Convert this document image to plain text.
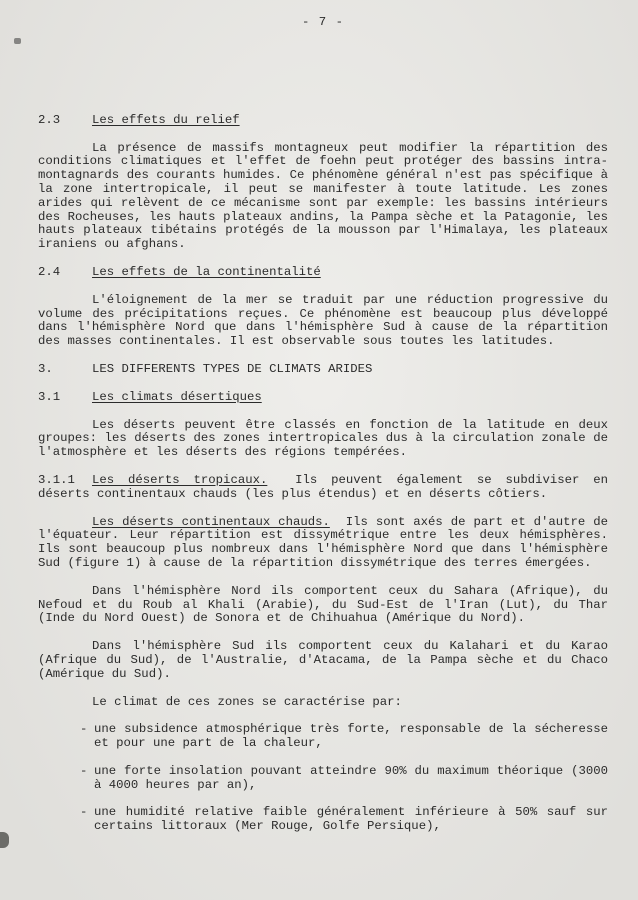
- 7 -
2.3	Les effets du relief

La présence de massifs montagneux peut modifier la répartition des conditions climatiques et l'effet de foehn peut protéger des bassins intra-montagnards des courants humides. Ce phénomène général n'est pas spécifique à la zone intertropicale, il peut se manifester à toute latitude. Les zones arides qui relèvent de ce mécanisme sont par exemple: les bassins intérieurs des Rocheuses, les hauts plateaux andins, la Pampa sèche et la Patagonie, les hauts plateaux tibétains protégés de la mousson par l'Himalaya, les plateaux iraniens ou afghans.

2.4	Les effets de la continentalité

L'éloignement de la mer se traduit par une réduction progressive du volume des précipitations reçues. Ce phénomène est beaucoup plus développé dans l'hémisphère Nord que dans l'hémisphère Sud à cause de la répartition des masses continentales. Il est observable sous toutes les latitudes.

3.	LES DIFFERENTS TYPES DE CLIMATS ARIDES
3.1	Les climats désertiques

Les déserts peuvent être classés en fonction de la latitude en deux groupes: les déserts des zones intertropicales dus à la circulation zonale de l'atmosphère et les déserts des régions tempérées.

3.1.1 Les déserts tropicaux. Ils peuvent également se subdiviser en déserts continentaux chauds (les plus étendus) et en déserts côtiers.

Les déserts continentaux chauds. Ils sont axés de part et d'autre de l'équateur. Leur répartition est dissymétrique entre les deux hémisphères. Ils sont beaucoup plus nombreux dans l'hémisphère Nord que dans l'hémisphère Sud (figure 1) à cause de la répartition dissymétrique des terres émergées.

Dans l'hémisphère Nord ils comportent ceux du Sahara (Afrique), du Nefoud et du Roub al Khali (Arabie), du Sud-Est de l'Iran (Lut), du Thar (Inde du Nord Ouest) de Sonora et de Chihuahua (Amérique du Nord).

Dans l'hémisphère Sud ils comportent ceux du Kalahari et du Karao (Afrique du Sud), de l'Australie, d'Atacama, de la Pampa sèche et du Chaco (Amérique du Sud).

Le climat de ces zones se caractérise par:

- une subsidence atmosphérique très forte, responsable de la sécheresse et pour une part de la chaleur,
- une forte insolation pouvant atteindre 90% du maximum théorique (3000 à 4000 heures par an),
- une humidité relative faible généralement inférieure à 50% sauf sur certains littoraux (Mer Rouge, Golfe Persique),
